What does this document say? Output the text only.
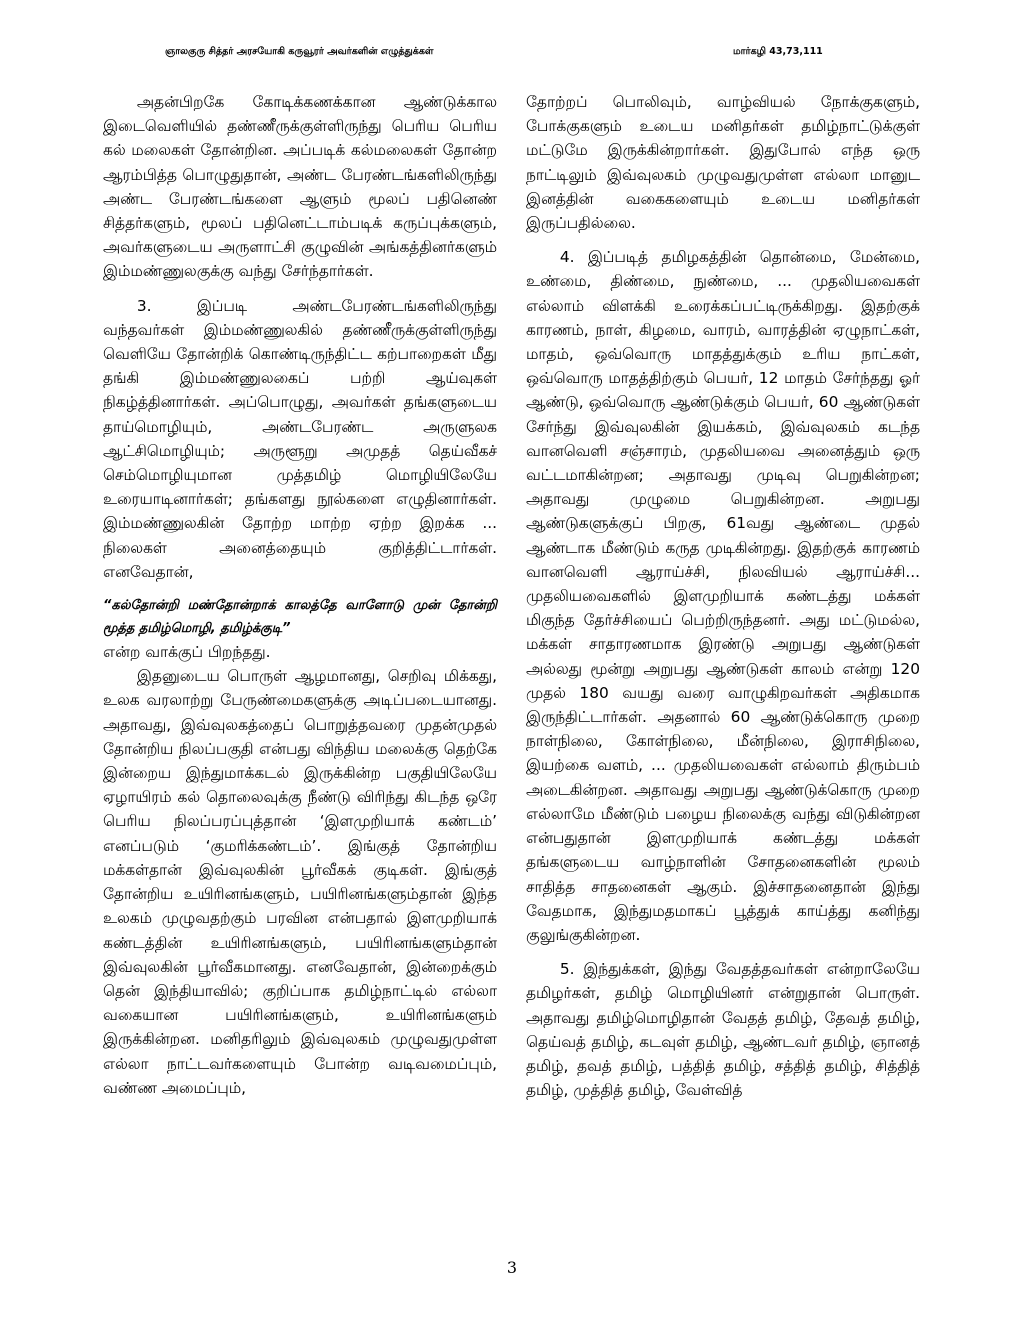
ஞாலகுரு சித்தர் அரசயோகி கருவூரர் அவர்களின் எழுத்துக்கள்	மார்கழி 43,73,111

அதன்பிறகே கோடிக்கணக்கான ஆண்டுக்கால இடைவெளியில் தண்ணீருக்குள்ளிருந்து பெரிய பெரிய கல் மலைகள் தோன்றின. அப்படிக் கல்மலைகள் தோன்ற ஆரம்பித்த பொழுதுதான், அண்ட பேரண்டங்களிலிருந்து அண்ட பேரண்டங்களை ஆளும் மூலப் பதினெண் சித்தர்களும், மூலப் பதினெட்டாம்படிக் கருப்புக்களும், அவர்களுடைய அருளாட்சி குழுவின் அங்கத்தினர்களும் இம்மண்ணுலகுக்கு வந்து சேர்ந்தார்கள்.

3. இப்படி அண்டபேரண்டங்களிலிருந்து வந்தவர்கள் இம்மண்ணுலகில் தண்ணீருக்குள்ளிருந்து வெளியே தோன்றிக் கொண்டிருந்திட்ட கற்பாறைகள் மீது தங்கி இம்மண்ணுலகைப் பற்றி ஆய்வுகள் நிகழ்த்தினார்கள். அப்பொழுது, அவர்கள் தங்களுடைய தாய்மொழியும், அண்டபேரண்ட அருளுலக ஆட்சிமொழியும்; அருளூறு அமுதத் தெய்வீகச் செம்மொழியுமான முத்தமிழ் மொழியிலேயே உரையாடினார்கள்; தங்களது நூல்களை எழுதினார்கள். இம்மண்ணுலகின் தோற்ற மாற்ற ஏற்ற இறக்க ... நிலைகள் அனைத்தையும் குறித்திட்டார்கள். எனவேதான்,

“கல்தோன்றி மண்தோன்றாக் காலத்தே வாளோடு முன் தோன்றி மூத்த தமிழ்மொழி, தமிழ்க்குடி”

என்ற வாக்குப் பிறந்தது.

இதனுடைய பொருள் ஆழமானது, செறிவு மிக்கது, உலக வரலாற்று பேருண்மைகளுக்கு அடிப்படையானது. அதாவது, இவ்வுலகத்தைப் பொறுத்தவரை முதன்முதல் தோன்றிய நிலப்பகுதி என்பது விந்திய மலைக்கு தெற்கே இன்றைய இந்துமாக்கடல் இருக்கின்ற பகுதியிலேயே ஏழாயிரம் கல் தொலைவுக்கு நீண்டு விரிந்து கிடந்த ஒரே பெரிய நிலப்பரப்புத்தான் ‘இளமுறியாக் கண்டம்’ எனப்படும் ‘குமரிக்கண்டம்’. இங்குத் தோன்றிய மக்கள்தான் இவ்வுலகின் பூர்வீகக் குடிகள். இங்குத் தோன்றிய உயிரினங்களும், பயிரினங்களும்தான் இந்த உலகம் முழுவதற்கும் பரவின என்பதால் இளமுறியாக் கண்டத்தின் உயிரினங்களும், பயிரினங்களும்தான் இவ்வுலகின் பூர்வீகமானது. எனவேதான், இன்றைக்கும் தென் இந்தியாவில்; குறிப்பாக தமிழ்நாட்டில் எல்லா வகையான பயிரினங்களும், உயிரினங்களும் இருக்கின்றன. மனிதரிலும் இவ்வுலகம் முழுவதுமுள்ள எல்லா நாட்டவர்களையும் போன்ற வடிவமைப்பும், வண்ண அமைப்பும்,

தோற்றப் பொலிவும், வாழ்வியல் நோக்குகளும், போக்குகளும் உடைய மனிதர்கள் தமிழ்நாட்டுக்குள் மட்டுமே இருக்கின்றார்கள். இதுபோல் எந்த ஒரு நாட்டிலும் இவ்வுலகம் முழுவதுமுள்ள எல்லா மானுட இனத்தின் வகைகளையும் உடைய மனிதர்கள் இருப்பதில்லை.

4. இப்படித் தமிழகத்தின் தொன்மை, மேன்மை, உண்மை, திண்மை, நுண்மை, ... முதலியவைகள் எல்லாம் விளக்கி உரைக்கப்பட்டிருக்கிறது. இதற்குக் காரணம், நாள், கிழமை, வாரம், வாரத்தின் ஏழுநாட்கள், மாதம், ஒவ்வொரு மாதத்துக்கும் உரிய நாட்கள், ஒவ்வொரு மாதத்திற்கும் பெயர், 12 மாதம் சேர்ந்தது ஓர் ஆண்டு, ஒவ்வொரு ஆண்டுக்கும் பெயர், 60 ஆண்டுகள் சேர்ந்து இவ்வுலகின் இயக்கம், இவ்வுலகம் கடந்த வானவெளி சஞ்சாரம், முதலியவை அனைத்தும் ஒரு வட்டமாகின்றன; அதாவது முடிவு பெறுகின்றன; அதாவது முழுமை பெறுகின்றன. அறுபது ஆண்டுகளுக்குப் பிறகு, 61வது ஆண்டை முதல் ஆண்டாக மீண்டும் கருத முடிகின்றது. இதற்குக் காரணம் வானவெளி ஆராய்ச்சி, நிலவியல் ஆராய்ச்சி... முதலியவைகளில் இளமுறியாக் கண்டத்து மக்கள் மிகுந்த தேர்ச்சியைப் பெற்றிருந்தனர். அது மட்டுமல்ல, மக்கள் சாதாரணமாக இரண்டு அறுபது ஆண்டுகள் அல்லது மூன்று அறுபது ஆண்டுகள் காலம் என்று 120 முதல் 180 வயது வரை வாழுகிறவர்கள் அதிகமாக இருந்திட்டார்கள். அதனால் 60 ஆண்டுக்கொரு முறை நாள்நிலை, கோள்நிலை, மீன்நிலை, இராசிநிலை, இயற்கை வளம், ... முதலியவைகள் எல்லாம் திரும்பம் அடைகின்றன. அதாவது அறுபது ஆண்டுக்கொரு முறை எல்லாமே மீண்டும் பழைய நிலைக்கு வந்து விடுகின்றன என்பதுதான் இளமுறியாக் கண்டத்து மக்கள் தங்களுடைய வாழ்நாளின் சோதனைகளின் மூலம் சாதித்த சாதனைகள் ஆகும். இச்சாதனைதான் இந்து வேதமாக, இந்துமதமாகப் பூத்துக் காய்த்து கனிந்து குலுங்குகின்றன.

5. இந்துக்கள், இந்து வேதத்தவர்கள் என்றாலேயே தமிழர்கள், தமிழ் மொழியினர் என்றுதான் பொருள். அதாவது தமிழ்மொழிதான் வேதத் தமிழ், தேவத் தமிழ், தெய்வத் தமிழ், கடவுள் தமிழ், ஆண்டவர் தமிழ், ஞானத் தமிழ், தவத் தமிழ், பத்தித் தமிழ், சத்தித் தமிழ், சித்தித் தமிழ், முத்தித் தமிழ், வேள்வித்

3
